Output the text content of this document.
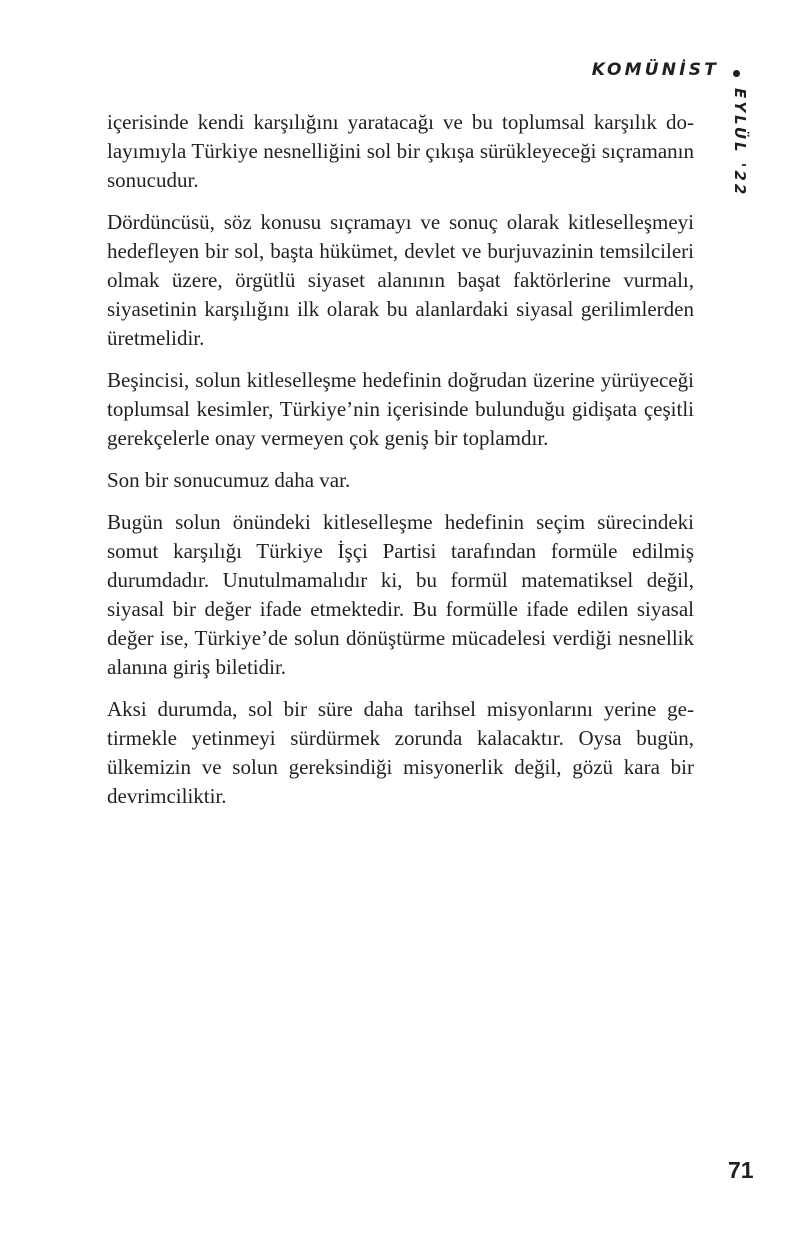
KOMÜNİST
EYLÜL '22

içerisinde kendi karşılığını yaratacağı ve bu toplumsal karşılık dolayımıyla Türkiye nesnelliğini sol bir çıkışa sürükleyeceği sıçramanın sonucudur.

Dördüncüsü, söz konusu sıçramayı ve sonuç olarak kitleselleşmeyi hedefleyen bir sol, başta hükümet, devlet ve burjuvazinin temsilcileri olmak üzere, örgütlü siyaset alanının başat faktörlerine vurmalı, siyasetinin karşılığını ilk olarak bu alanlardaki siyasal gerilimlerden üretmelidir.

Beşincisi, solun kitleselleşme hedefinin doğrudan üzerine yürüyeceği toplumsal kesimler, Türkiye’nin içerisinde bulunduğu gidişata çeşitli gerekçelerle onay vermeyen çok geniş bir toplamdır.

Son bir sonucumuz daha var.

Bugün solun önündeki kitleselleşme hedefinin seçim sürecindeki somut karşılığı Türkiye İşçi Partisi tarafından formüle edilmiş durumdadır. Unutulmamalıdır ki, bu formül matematiksel değil, siyasal bir değer ifade etmektedir. Bu formülle ifade edilen siyasal değer ise, Türkiye’de solun dönüştürme mücadelesi verdiği nesnellik alanına giriş biletidir.

Aksi durumda, sol bir süre daha tarihsel misyonlarını yerine getirmekle yetinmeyi sürdürmek zorunda kalacaktır. Oysa bugün, ülkemizin ve solun gereksindiği misyonerlik değil, gözü kara bir devrimciliktir.

71
